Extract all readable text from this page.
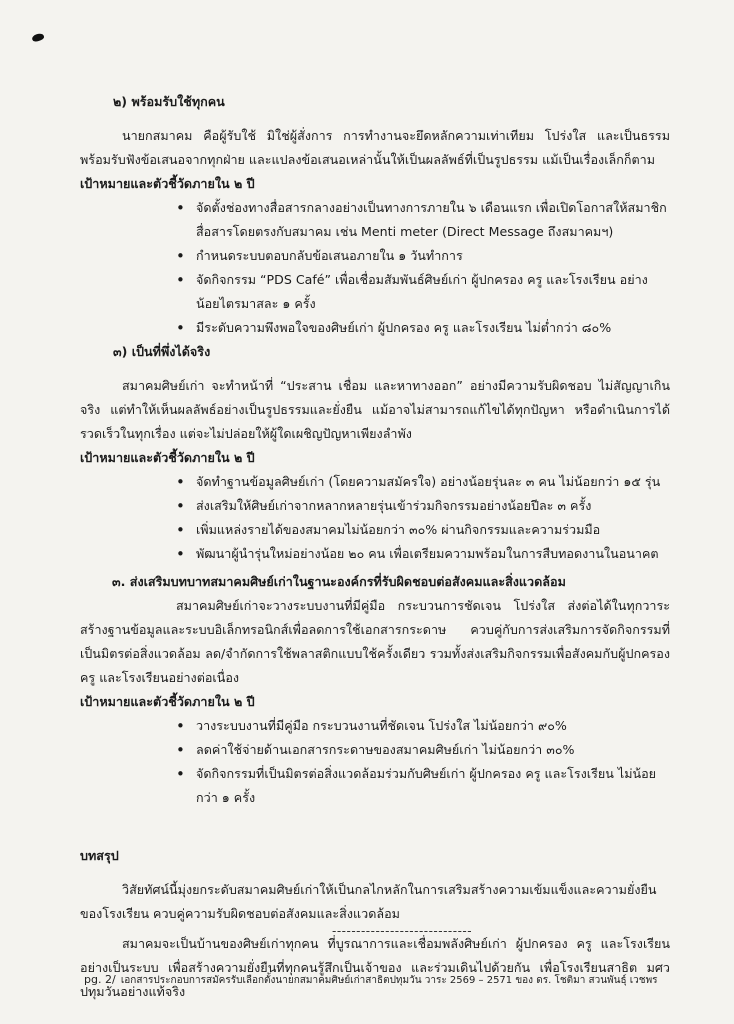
๒) พร้อมรับใช้ทุกคน

นายกสมาคม คือผู้รับใช้ มิใช่ผู้สั่งการ การทำงานจะยึดหลักความเท่าเทียม โปร่งใส และเป็นธรรม พร้อมรับฟังข้อเสนอจากทุกฝ่าย และแปลงข้อเสนอเหล่านั้นให้เป็นผลลัพธ์ที่เป็นรูปธรรม แม้เป็นเรื่องเล็กก็ตาม

เป้าหมายและตัวชี้วัดภายใน ๒ ปี
• จัดตั้งช่องทางสื่อสารกลางอย่างเป็นทางการภายใน ๖ เดือนแรก เพื่อเปิดโอกาสให้สมาชิกสื่อสารโดยตรงกับสมาคม เช่น Menti meter (Direct Message ถึงสมาคมฯ)
• กำหนดระบบตอบกลับข้อเสนอภายใน ๑ วันทำการ
• จัดกิจกรรม “PDS Café” เพื่อเชื่อมสัมพันธ์ศิษย์เก่า ผู้ปกครอง ครู และโรงเรียน อย่างน้อยไตรมาสละ ๑ ครั้ง
• มีระดับความพึงพอใจของศิษย์เก่า ผู้ปกครอง ครู และโรงเรียน ไม่ต่ำกว่า ๘๐%
๓) เป็นที่พึ่งได้จริง

สมาคมศิษย์เก่า จะทำหน้าที่ “ประสาน เชื่อม และหาทางออก” อย่างมีความรับผิดชอบ ไม่สัญญาเกินจริง แต่ทำให้เห็นผลลัพธ์อย่างเป็นรูปธรรมและยั่งยืน แม้อาจไม่สามารถแก้ไขได้ทุกปัญหา หรือดำเนินการได้รวดเร็วในทุกเรื่อง แต่จะไม่ปล่อยให้ผู้ใดเผชิญปัญหาเพียงลำพัง

เป้าหมายและตัวชี้วัดภายใน ๒ ปี
• จัดทำฐานข้อมูลศิษย์เก่า (โดยความสมัครใจ) อย่างน้อยรุ่นละ ๓ คน ไม่น้อยกว่า ๑๕ รุ่น
• ส่งเสริมให้ศิษย์เก่าจากหลากหลายรุ่นเข้าร่วมกิจกรรมอย่างน้อยปีละ ๓ ครั้ง
• เพิ่มแหล่งรายได้ของสมาคมไม่น้อยกว่า ๓๐% ผ่านกิจกรรมและความร่วมมือ
• พัฒนาผู้นำรุ่นใหม่อย่างน้อย ๒๐ คน เพื่อเตรียมความพร้อมในการสืบทอดงานในอนาคต
๓. ส่งเสริมบทบาทสมาคมศิษย์เก่าในฐานะองค์กรที่รับผิดชอบต่อสังคมและสิ่งแวดล้อม
สมาคมศิษย์เก่าจะวางระบบงานที่มีคู่มือ กระบวนการชัดเจน โปร่งใส ส่งต่อได้ในทุกวาระ สร้างฐานข้อมูลและระบบอิเล็กทรอนิกส์เพื่อลดการใช้เอกสารกระดาษ ควบคู่กับการส่งเสริมการจัดกิจกรรมที่เป็นมิตรต่อสิ่งแวดล้อม ลด/จำกัดการใช้พลาสติกแบบใช้ครั้งเดียว รวมทั้งส่งเสริมกิจกรรมเพื่อสังคมกับผู้ปกครอง ครู และโรงเรียนอย่างต่อเนื่อง
เป้าหมายและตัวชี้วัดภายใน ๒ ปี
• วางระบบงานที่มีคู่มือ กระบวนงานที่ชัดเจน โปร่งใส ไม่น้อยกว่า ๙๐%
• ลดค่าใช้จ่ายด้านเอกสารกระดาษของสมาคมศิษย์เก่า ไม่น้อยกว่า ๓๐%
• จัดกิจกรรมที่เป็นมิตรต่อสิ่งแวดล้อมร่วมกับศิษย์เก่า ผู้ปกครอง ครู และโรงเรียน ไม่น้อยกว่า ๑ ครั้ง
บทสรุป
วิสัยทัศน์นี้มุ่งยกระดับสมาคมศิษย์เก่าให้เป็นกลไกหลักในการเสริมสร้างความเข้มแข็งและความยั่งยืนของโรงเรียน ควบคู่ความรับผิดชอบต่อสังคมและสิ่งแวดล้อม
สมาคมจะเป็นบ้านของศิษย์เก่าทุกคน ที่บูรณาการและเชื่อมพลังศิษย์เก่า ผู้ปกครอง ครู และโรงเรียนอย่างเป็นระบบ เพื่อสร้างความยั่งยืนที่ทุกคนรู้สึกเป็นเจ้าของ และร่วมเดินไปด้วยกัน เพื่อโรงเรียนสาธิต มศว ปทุมวันอย่างแท้จริง
-----------------------------
pg. 2/ เอกสารประกอบการสมัครรับเลือกตั้งนายกสมาคมศิษย์เก่าสาธิตปทุมวัน วาระ 2569 – 2571 ของ ดร. โชติมา สวนพันธุ์ เวชพร
